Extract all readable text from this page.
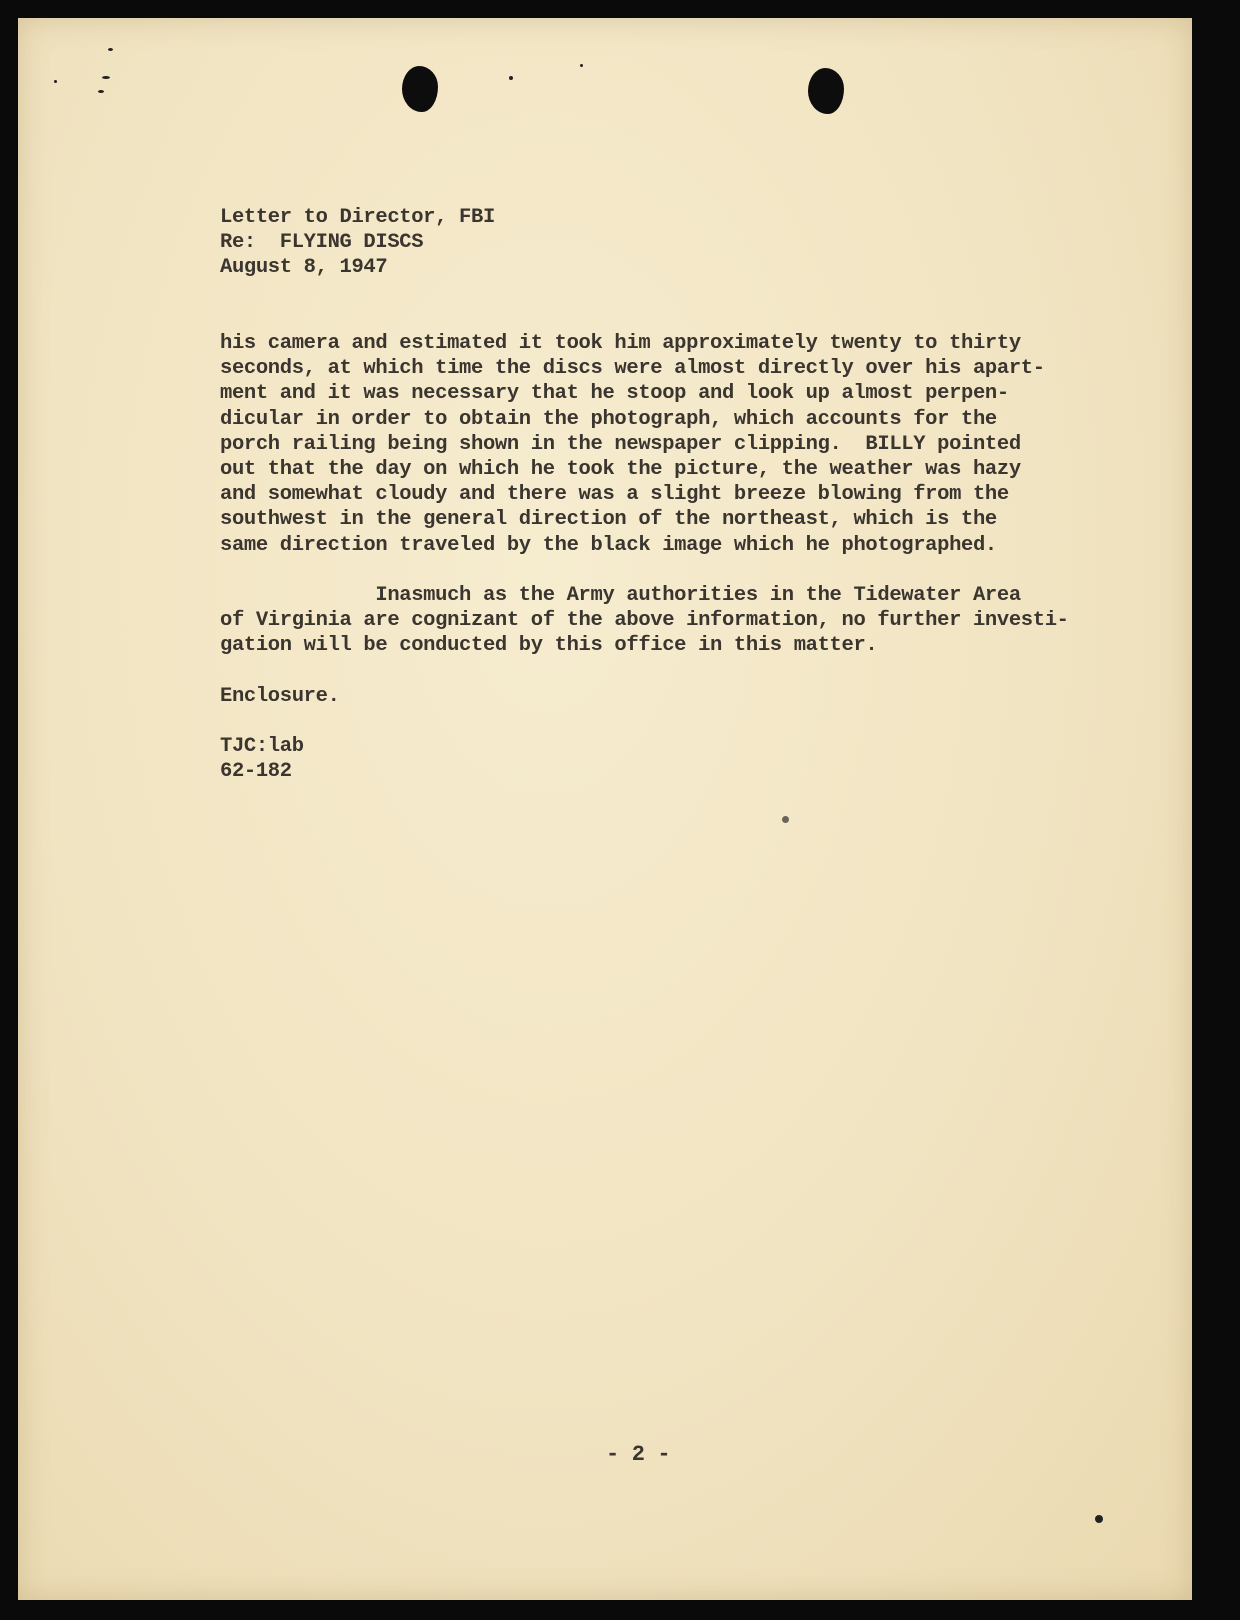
Letter to Director, FBI
Re:  FLYING DISCS
August 8, 1947
his camera and estimated it took him approximately twenty to thirty
seconds, at which time the discs were almost directly over his apart-
ment and it was necessary that he stoop and look up almost perpen-
dicular in order to obtain the photograph, which accounts for the
porch railing being shown in the newspaper clipping.  BILLY pointed
out that the day on which he took the picture, the weather was hazy
and somewhat cloudy and there was a slight breeze blowing from the
southwest in the general direction of the northeast, which is the
same direction traveled by the black image which he photographed.
Inasmuch as the Army authorities in the Tidewater Area
of Virginia are cognizant of the above information, no further investi-
gation will be conducted by this office in this matter.
Enclosure.
TJC:lab
62-182
- 2 -
